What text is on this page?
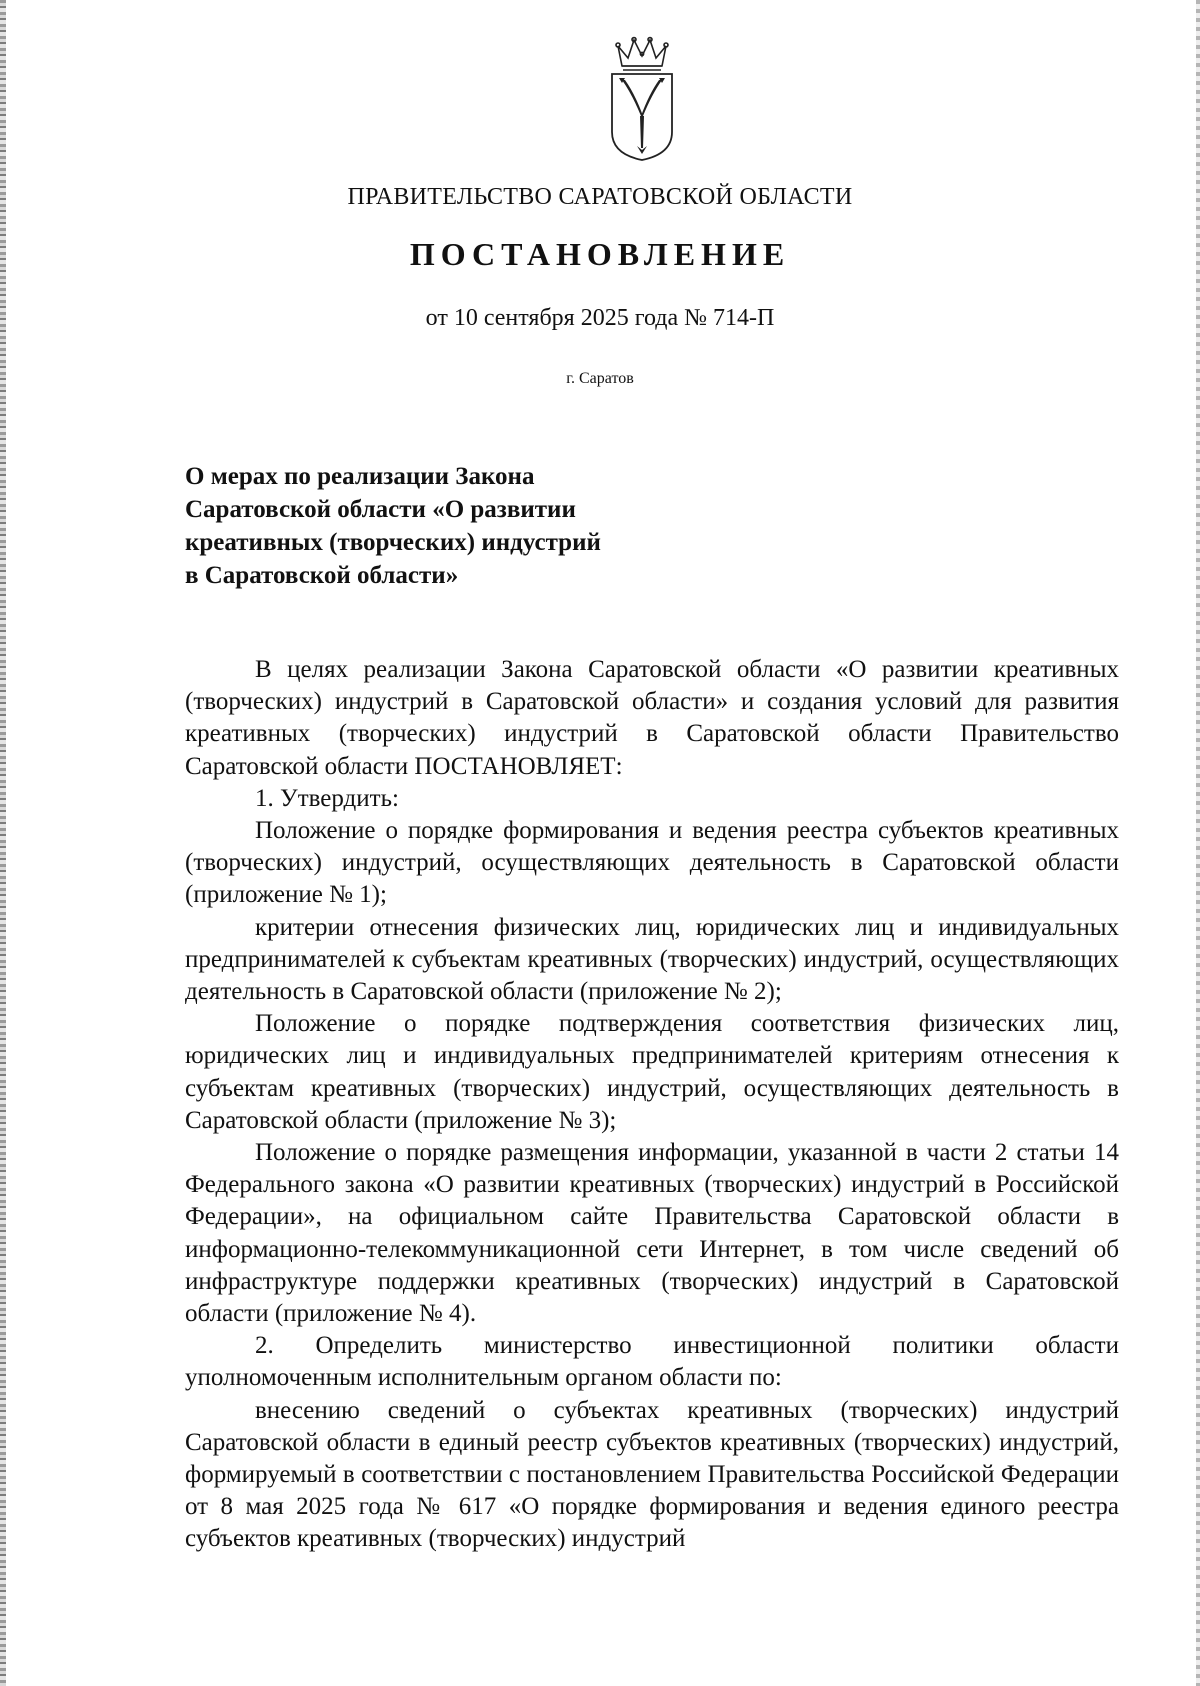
ПРАВИТЕЛЬСТВО САРАТОВСКОЙ ОБЛАСТИ
ПОСТАНОВЛЕНИЕ
от 10 сентября 2025 года № 714-П
г. Саратов
О мерах по реализации Закона
Саратовской области «О развитии
креативных (творческих) индустрий
в Саратовской области»

В целях реализации Закона Саратовской области «О развитии креативных (творческих) индустрий в Саратовской области» и создания условий для развития креативных (творческих) индустрий в Саратовской области Правительство Саратовской области ПОСТАНОВЛЯЕТ:

1. Утвердить:

Положение о порядке формирования и ведения реестра субъектов креативных (творческих) индустрий, осуществляющих деятельность в Саратовской области (приложение № 1);

критерии отнесения физических лиц, юридических лиц и индивидуальных предпринимателей к субъектам креативных (творческих) индустрий, осуществляющих деятельность в Саратовской области (приложение № 2);

Положение о порядке подтверждения соответствия физических лиц, юридических лиц и индивидуальных предпринимателей критериям отнесения к субъектам креативных (творческих) индустрий, осуществляющих деятельность в Саратовской области (приложение № 3);

Положение о порядке размещения информации, указанной в части 2 статьи 14 Федерального закона «О развитии креативных (творческих) индустрий в Российской Федерации», на официальном сайте Правительства Саратовской области в информационно-телекоммуникационной сети Интернет, в том числе сведений об инфраструктуре поддержки креативных (творческих) индустрий в Саратовской области (приложение № 4).

2. Определить министерство инвестиционной политики области уполномоченным исполнительным органом области по:

внесению сведений о субъектах креативных (творческих) индустрий Саратовской области в единый реестр субъектов креативных (творческих) индустрий, формируемый в соответствии с постановлением Правительства Российской Федерации от 8 мая 2025 года № 617 «О порядке формирования и ведения единого реестра субъектов креативных (творческих) индустрий
